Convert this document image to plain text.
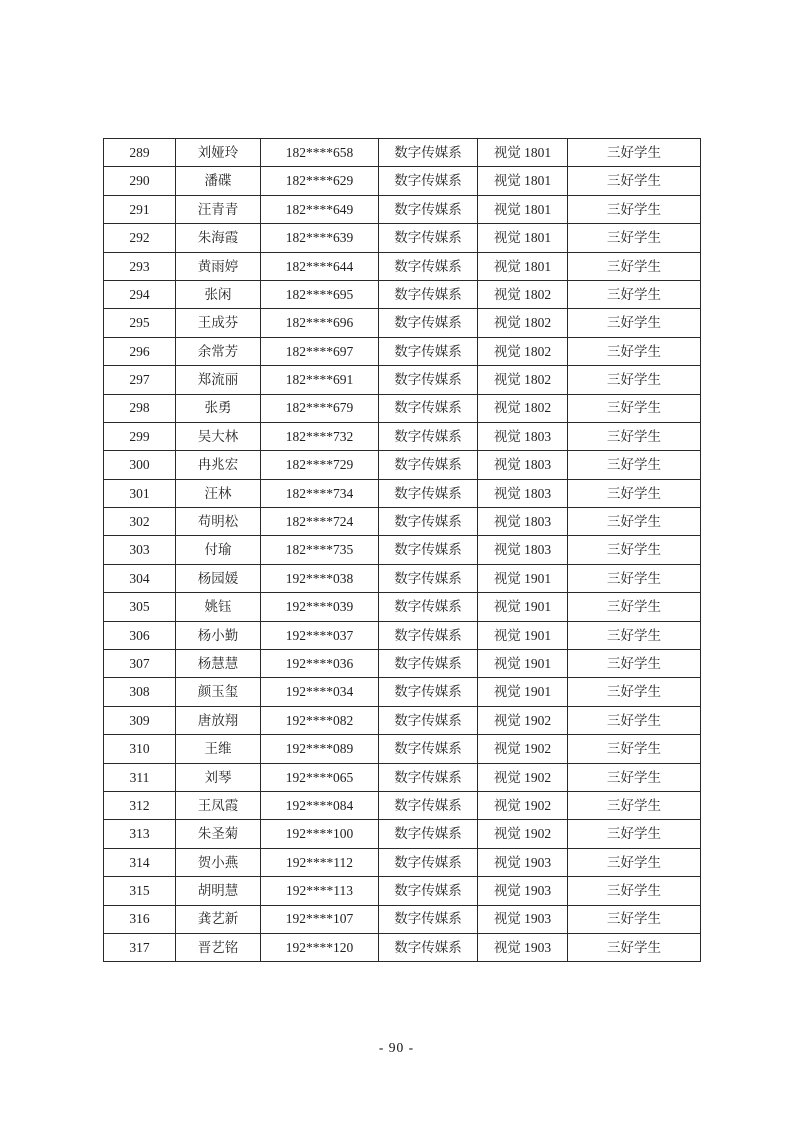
289	刘娅玲	182****658	数字传媒系	视觉 1801	三好学生
290	潘碟	182****629	数字传媒系	视觉 1801	三好学生
291	汪青青	182****649	数字传媒系	视觉 1801	三好学生
292	朱海霞	182****639	数字传媒系	视觉 1801	三好学生
293	黄雨婷	182****644	数字传媒系	视觉 1801	三好学生
294	张闲	182****695	数字传媒系	视觉 1802	三好学生
295	王成芬	182****696	数字传媒系	视觉 1802	三好学生
296	余常芳	182****697	数字传媒系	视觉 1802	三好学生
297	郑流丽	182****691	数字传媒系	视觉 1802	三好学生
298	张勇	182****679	数字传媒系	视觉 1802	三好学生
299	吴大林	182****732	数字传媒系	视觉 1803	三好学生
300	冉兆宏	182****729	数字传媒系	视觉 1803	三好学生
301	汪林	182****734	数字传媒系	视觉 1803	三好学生
302	苟明松	182****724	数字传媒系	视觉 1803	三好学生
303	付瑜	182****735	数字传媒系	视觉 1803	三好学生
304	杨园媛	192****038	数字传媒系	视觉 1901	三好学生
305	姚钰	192****039	数字传媒系	视觉 1901	三好学生
306	杨小勤	192****037	数字传媒系	视觉 1901	三好学生
307	杨慧慧	192****036	数字传媒系	视觉 1901	三好学生
308	颜玉玺	192****034	数字传媒系	视觉 1901	三好学生
309	唐放翔	192****082	数字传媒系	视觉 1902	三好学生
310	王维	192****089	数字传媒系	视觉 1902	三好学生
311	刘琴	192****065	数字传媒系	视觉 1902	三好学生
312	王凤霞	192****084	数字传媒系	视觉 1902	三好学生
313	朱圣菊	192****100	数字传媒系	视觉 1902	三好学生
314	贺小燕	192****112	数字传媒系	视觉 1903	三好学生
315	胡明慧	192****113	数字传媒系	视觉 1903	三好学生
316	龚艺新	192****107	数字传媒系	视觉 1903	三好学生
317	晋艺铭	192****120	数字传媒系	视觉 1903	三好学生
- 90 -
